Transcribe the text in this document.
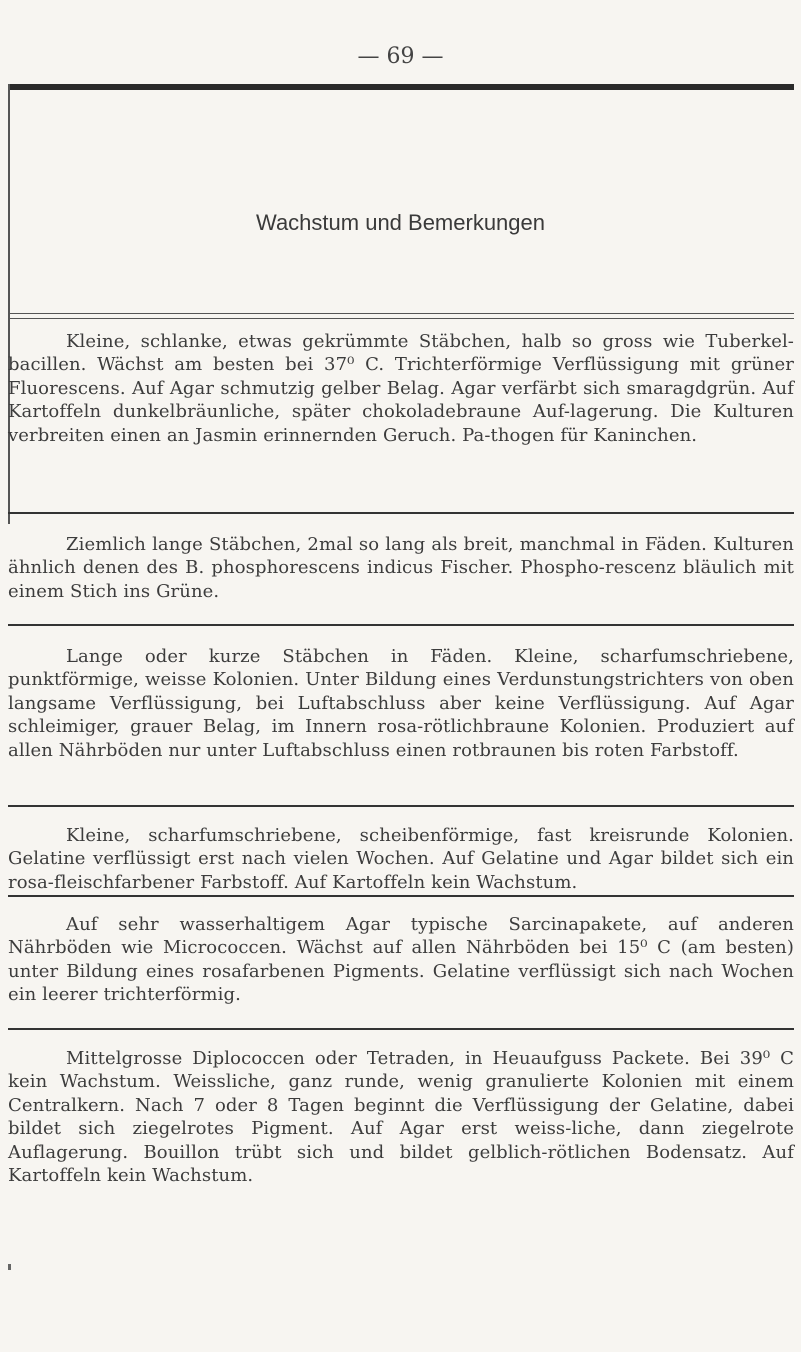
— 69 —
Wachstum und Bemerkungen

Kleine, schlanke, etwas gekrümmte Stäbchen, halb so gross wie Tuberkel-bacillen. Wächst am besten bei 37⁰ C. Trichterförmige Verflüssigung mit grüner Fluorescens. Auf Agar schmutzig gelber Belag. Agar verfärbt sich smaragdgrün. Auf Kartoffeln dunkelbräunliche, später chokoladebraune Auf-lagerung. Die Kulturen verbreiten einen an Jasmin erinnernden Geruch. Pa-thogen für Kaninchen.

Ziemlich lange Stäbchen, 2mal so lang als breit, manchmal in Fäden. Kulturen ähnlich denen des B. phosphorescens indicus Fischer. Phospho-rescenz bläulich mit einem Stich ins Grüne.

Lange oder kurze Stäbchen in Fäden. Kleine, scharfumschriebene, punktförmige, weisse Kolonien. Unter Bildung eines Verdunstungstrichters von oben langsame Verflüssigung, bei Luftabschluss aber keine Verflüssigung. Auf Agar schleimiger, grauer Belag, im Innern rosa-rötlichbraune Kolonien. Produziert auf allen Nährböden nur unter Luftabschluss einen rotbraunen bis roten Farbstoff.

Kleine, scharfumschriebene, scheibenförmige, fast kreisrunde Kolonien. Gelatine verflüssigt erst nach vielen Wochen. Auf Gelatine und Agar bildet sich ein rosa-fleischfarbener Farbstoff. Auf Kartoffeln kein Wachstum.

Auf sehr wasserhaltigem Agar typische Sarcinapakete, auf anderen Nährböden wie Micrococcen. Wächst auf allen Nährböden bei 15⁰ C (am besten) unter Bildung eines rosafarbenen Pigments. Gelatine verflüssigt sich nach Wochen ein leerer trichterförmig.

Mittelgrosse Diplococcen oder Tetraden, in Heuaufguss Packete. Bei 39⁰ C kein Wachstum. Weissliche, ganz runde, wenig granulierte Kolonien mit einem Centralkern. Nach 7 oder 8 Tagen beginnt die Verflüssigung der Gelatine, dabei bildet sich ziegelrotes Pigment. Auf Agar erst weiss-liche, dann ziegelrote Auflagerung. Bouillon trübt sich und bildet gelblich-rötlichen Bodensatz. Auf Kartoffeln kein Wachstum.
